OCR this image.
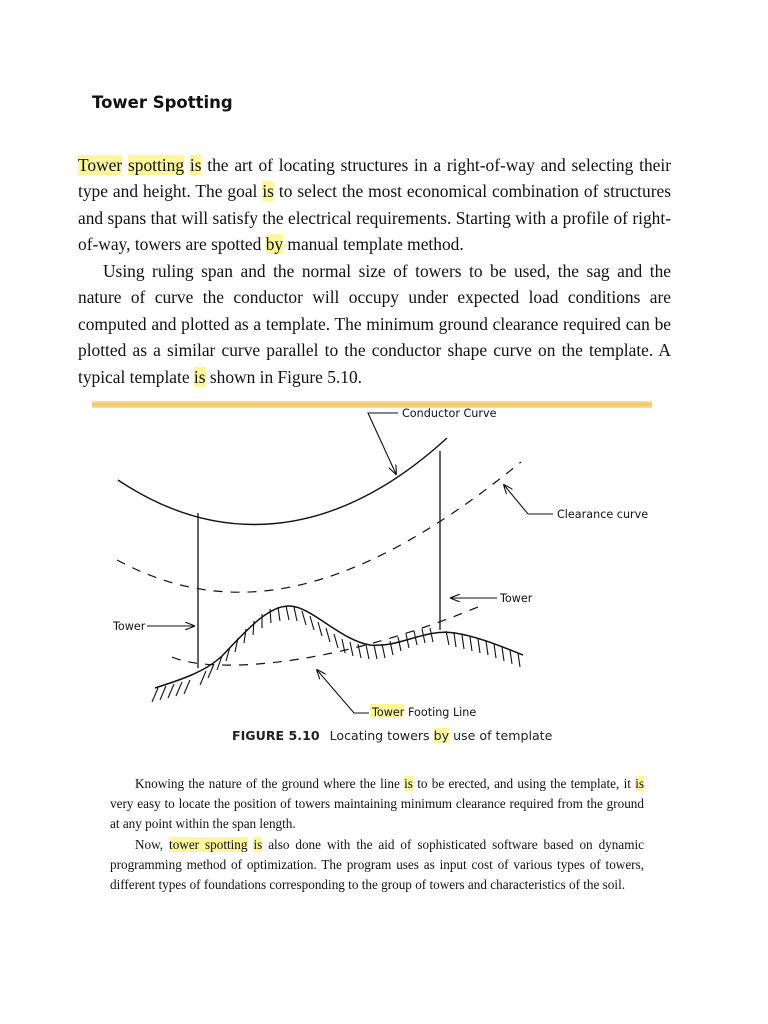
Tower Spotting

Tower spotting is the art of locating structures in a right-of-way and selecting their type and height. The goal is to select the most economical combination of structures and spans that will satisfy the electrical requirements. Starting with a profile of right-of-way, towers are spotted by manual template method.

Using ruling span and the normal size of towers to be used, the sag and the nature of curve the conductor will occupy under expected load conditions are computed and plotted as a template. The minimum ground clearance required can be plotted as a similar curve parallel to the conductor shape curve on the template. A typical template is shown in Figure 5.10.

Conductor Curve
Clearance curve
Tower
Tower
Tower Footing Line

FIGURE 5.10 Locating towers by use of template

Knowing the nature of the ground where the line is to be erected, and using the template, it is very easy to locate the position of towers maintaining minimum clearance required from the ground at any point within the span length.

Now, tower spotting is also done with the aid of sophisticated software based on dynamic programming method of optimization. The program uses as input cost of various types of towers, different types of foundations corresponding to the group of towers and characteristics of the soil.
